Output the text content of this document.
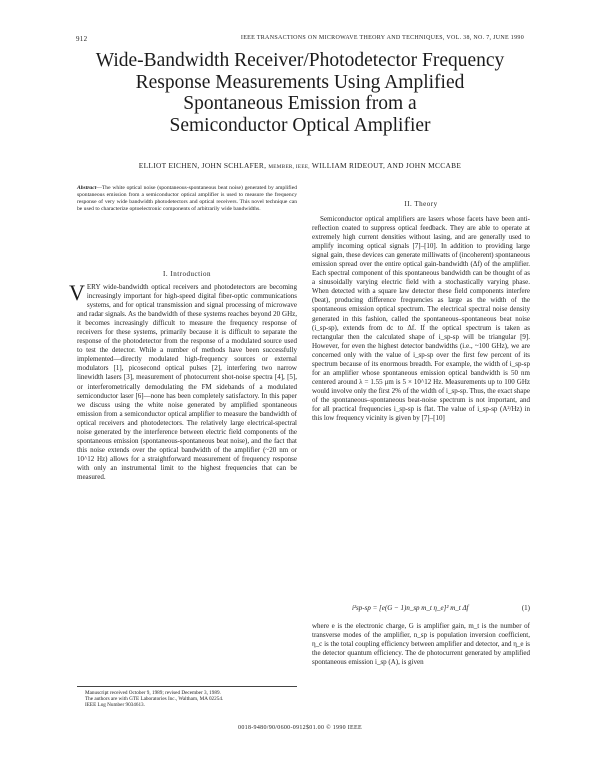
912	IEEE TRANSACTIONS ON MICROWAVE THEORY AND TECHNIQUES, VOL. 38, NO. 7, JUNE 1990
Wide-Bandwidth Receiver/Photodetector Frequency
Response Measurements Using Amplified
Spontaneous Emission from a
Semiconductor Optical Amplifier
ELLIOT EICHEN, JOHN SCHLAFER, MEMBER, IEEE, WILLIAM RIDEOUT, AND JOHN MCCABE
Abstract—The white optical noise (spontaneous-spontaneous beat noise) generated by amplified spontaneous emission from a semiconductor optical amplifier is used to measure the frequency response of very wide bandwidth photodetectors and optical receivers. This novel technique can be used to characterize optoelectronic components of arbitrarily wide bandwidths.
I. Introduction

VERY wide-bandwidth optical receivers and photodetectors are becoming increasingly important for high-speed digital fiber-optic communications systems, and for optical transmission and signal processing of microwave and radar signals. As the bandwidth of these systems reaches beyond 20 GHz, it becomes increasingly difficult to measure the frequency response of receivers for these systems, primarily because it is difficult to separate the response of the photodetector from the response of a modulated source used to test the detector. While a number of methods have been successfully implemented—directly modulated high-frequency sources or external modulators [1], picosecond optical pulses [2], interfering two narrow linewidth lasers [3], measurement of photocurrent shot-noise spectra [4], [5], or interferometrically demodulating the FM sidebands of a modulated semiconductor laser [6]—none has been completely satisfactory. In this paper we discuss using the white noise generated by amplified spontaneous emission from a semiconductor optical amplifier to measure the bandwidth of optical receivers and photodetectors. The relatively large electrical-spectral noise generated by the interference between electric field components of the spontaneous emission (spontaneous-spontaneous beat noise), and the fact that this noise extends over the optical bandwidth of the amplifier (~20 nm or 10^12 Hz) allows for a straightforward measurement of frequency response with only an instrumental limit to the highest frequencies that can be measured.

Manuscript received October 9, 1989; revised December 3, 1989.
The authors are with GTE Laboratories Inc., Waltham, MA 02254.
IEEE Log Number 9034613.
II. Theory

Semiconductor optical amplifiers are lasers whose facets have been anti-reflection coated to suppress optical feedback. They are able to operate at extremely high current densities without lasing, and are generally used to amplify incoming optical signals [7]–[10]. In addition to providing large signal gain, these devices can generate milliwatts of (incoherent) spontaneous emission spread over the entire optical gain-bandwidth (Δf) of the amplifier. Each spectral component of this spontaneous bandwidth can be thought of as a sinusoidally varying electric field with a stochastically varying phase. When detected with a square law detector these field components interfere (beat), producing difference frequencies as large as the width of the spontaneous emission optical spectrum. The electrical spectral noise density generated in this fashion, called the spontaneous–spontaneous beat noise (i_sp-sp), extends from dc to Δf. If the optical spectrum is taken as rectangular then the calculated shape of i_sp-sp will be triangular [9]. However, for even the highest detector bandwidths (i.e., ~100 GHz), we are concerned only with the value of i_sp-sp over the first few percent of its spectrum because of its enormous breadth. For example, the width of i_sp-sp for an amplifier whose spontaneous emission optical bandwidth is 50 nm centered around λ = 1.55 μm is 5 × 10^12 Hz. Measurements up to 100 GHz would involve only the first 2% of the width of i_sp-sp. Thus, the exact shape of the spontaneous–spontaneous beat-noise spectrum is not important, and for all practical frequencies i_sp-sp is flat. The value of i_sp-sp (A²/Hz) in this low frequency vicinity is given by [7]–[10]

i²sp-sp = [e(G − 1)n_sp m_t η_e]² m_t Δf	(1)

where e is the electronic charge, G is amplifier gain, m_t is the number of transverse modes of the amplifier, n_sp is population inversion coefficient, η_c is the total coupling efficiency between amplifier and detector, and η_e is the detector quantum efficiency. The de photocurrent generated by amplified spontaneous emission i_sp (A), is given

0018-9480/90/0600-0912$01.00 © 1990 IEEE
